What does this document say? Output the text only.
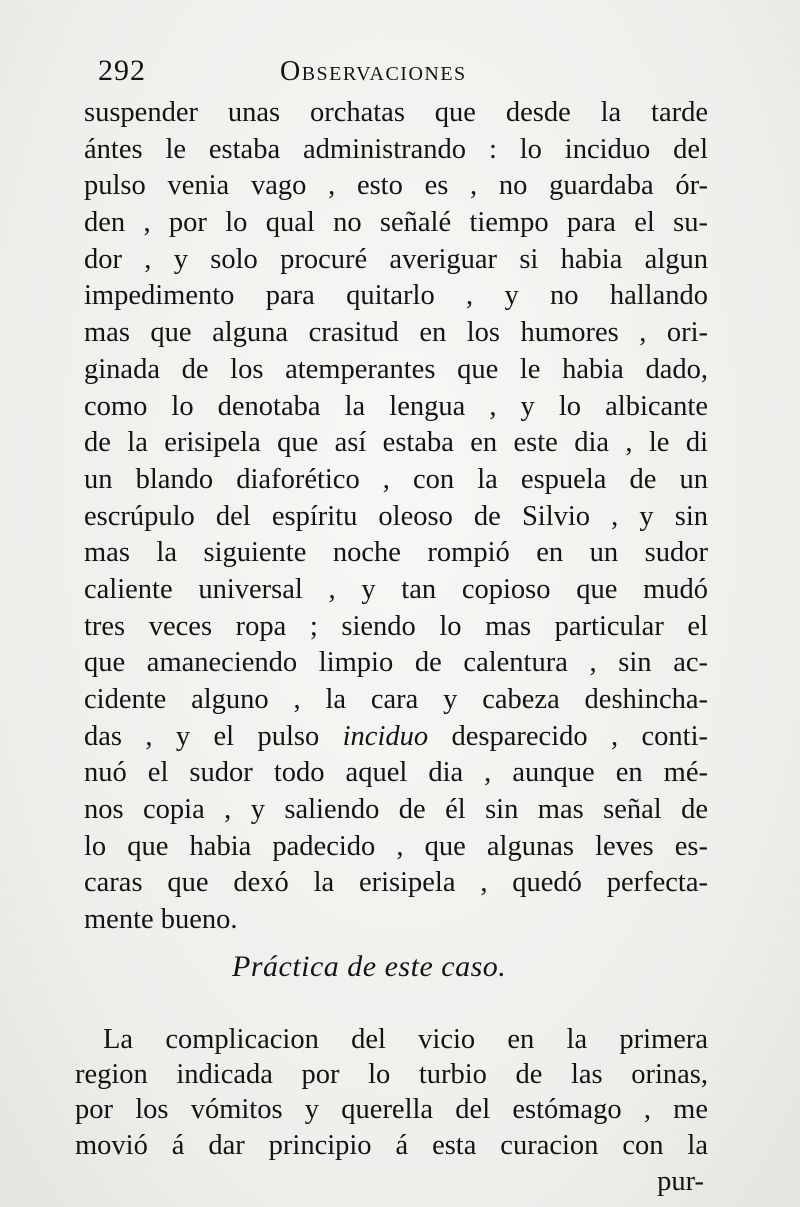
292	Observaciones
suspender unas orchatas que desde la tarde
ántes le estaba administrando : lo inciduo del
pulso venia vago , esto es , no guardaba ór-
den , por lo qual no señalé tiempo para el su-
dor , y solo procuré averiguar si habia algun
impedimento para quitarlo , y no hallando
mas que alguna crasitud en los humores , ori-
ginada de los atemperantes que le habia dado,
como lo denotaba la lengua , y lo albicante
de la erisipela que así estaba en este dia , le di
un blando diaforético , con la espuela de un
escrúpulo del espíritu oleoso de Silvio , y sin
mas la siguiente noche rompió en un sudor
caliente universal , y tan copioso que mudó
tres veces ropa ; siendo lo mas particular el
que amaneciendo limpio de calentura , sin ac-
cidente alguno , la cara y cabeza deshincha-
das , y el pulso inciduo desparecido , conti-
nuó el sudor todo aquel dia , aunque en mé-
nos copia , y saliendo de él sin mas señal de
lo que habia padecido , que algunas leves es-
caras que dexó la erisipela , quedó perfecta-
mente bueno.
Práctica de este caso.
La complicacion del vicio en la primera
region indicada por lo turbio de las orinas,
por los vómitos y querella del estómago , me
movió á dar principio á esta curacion con la
pur-
